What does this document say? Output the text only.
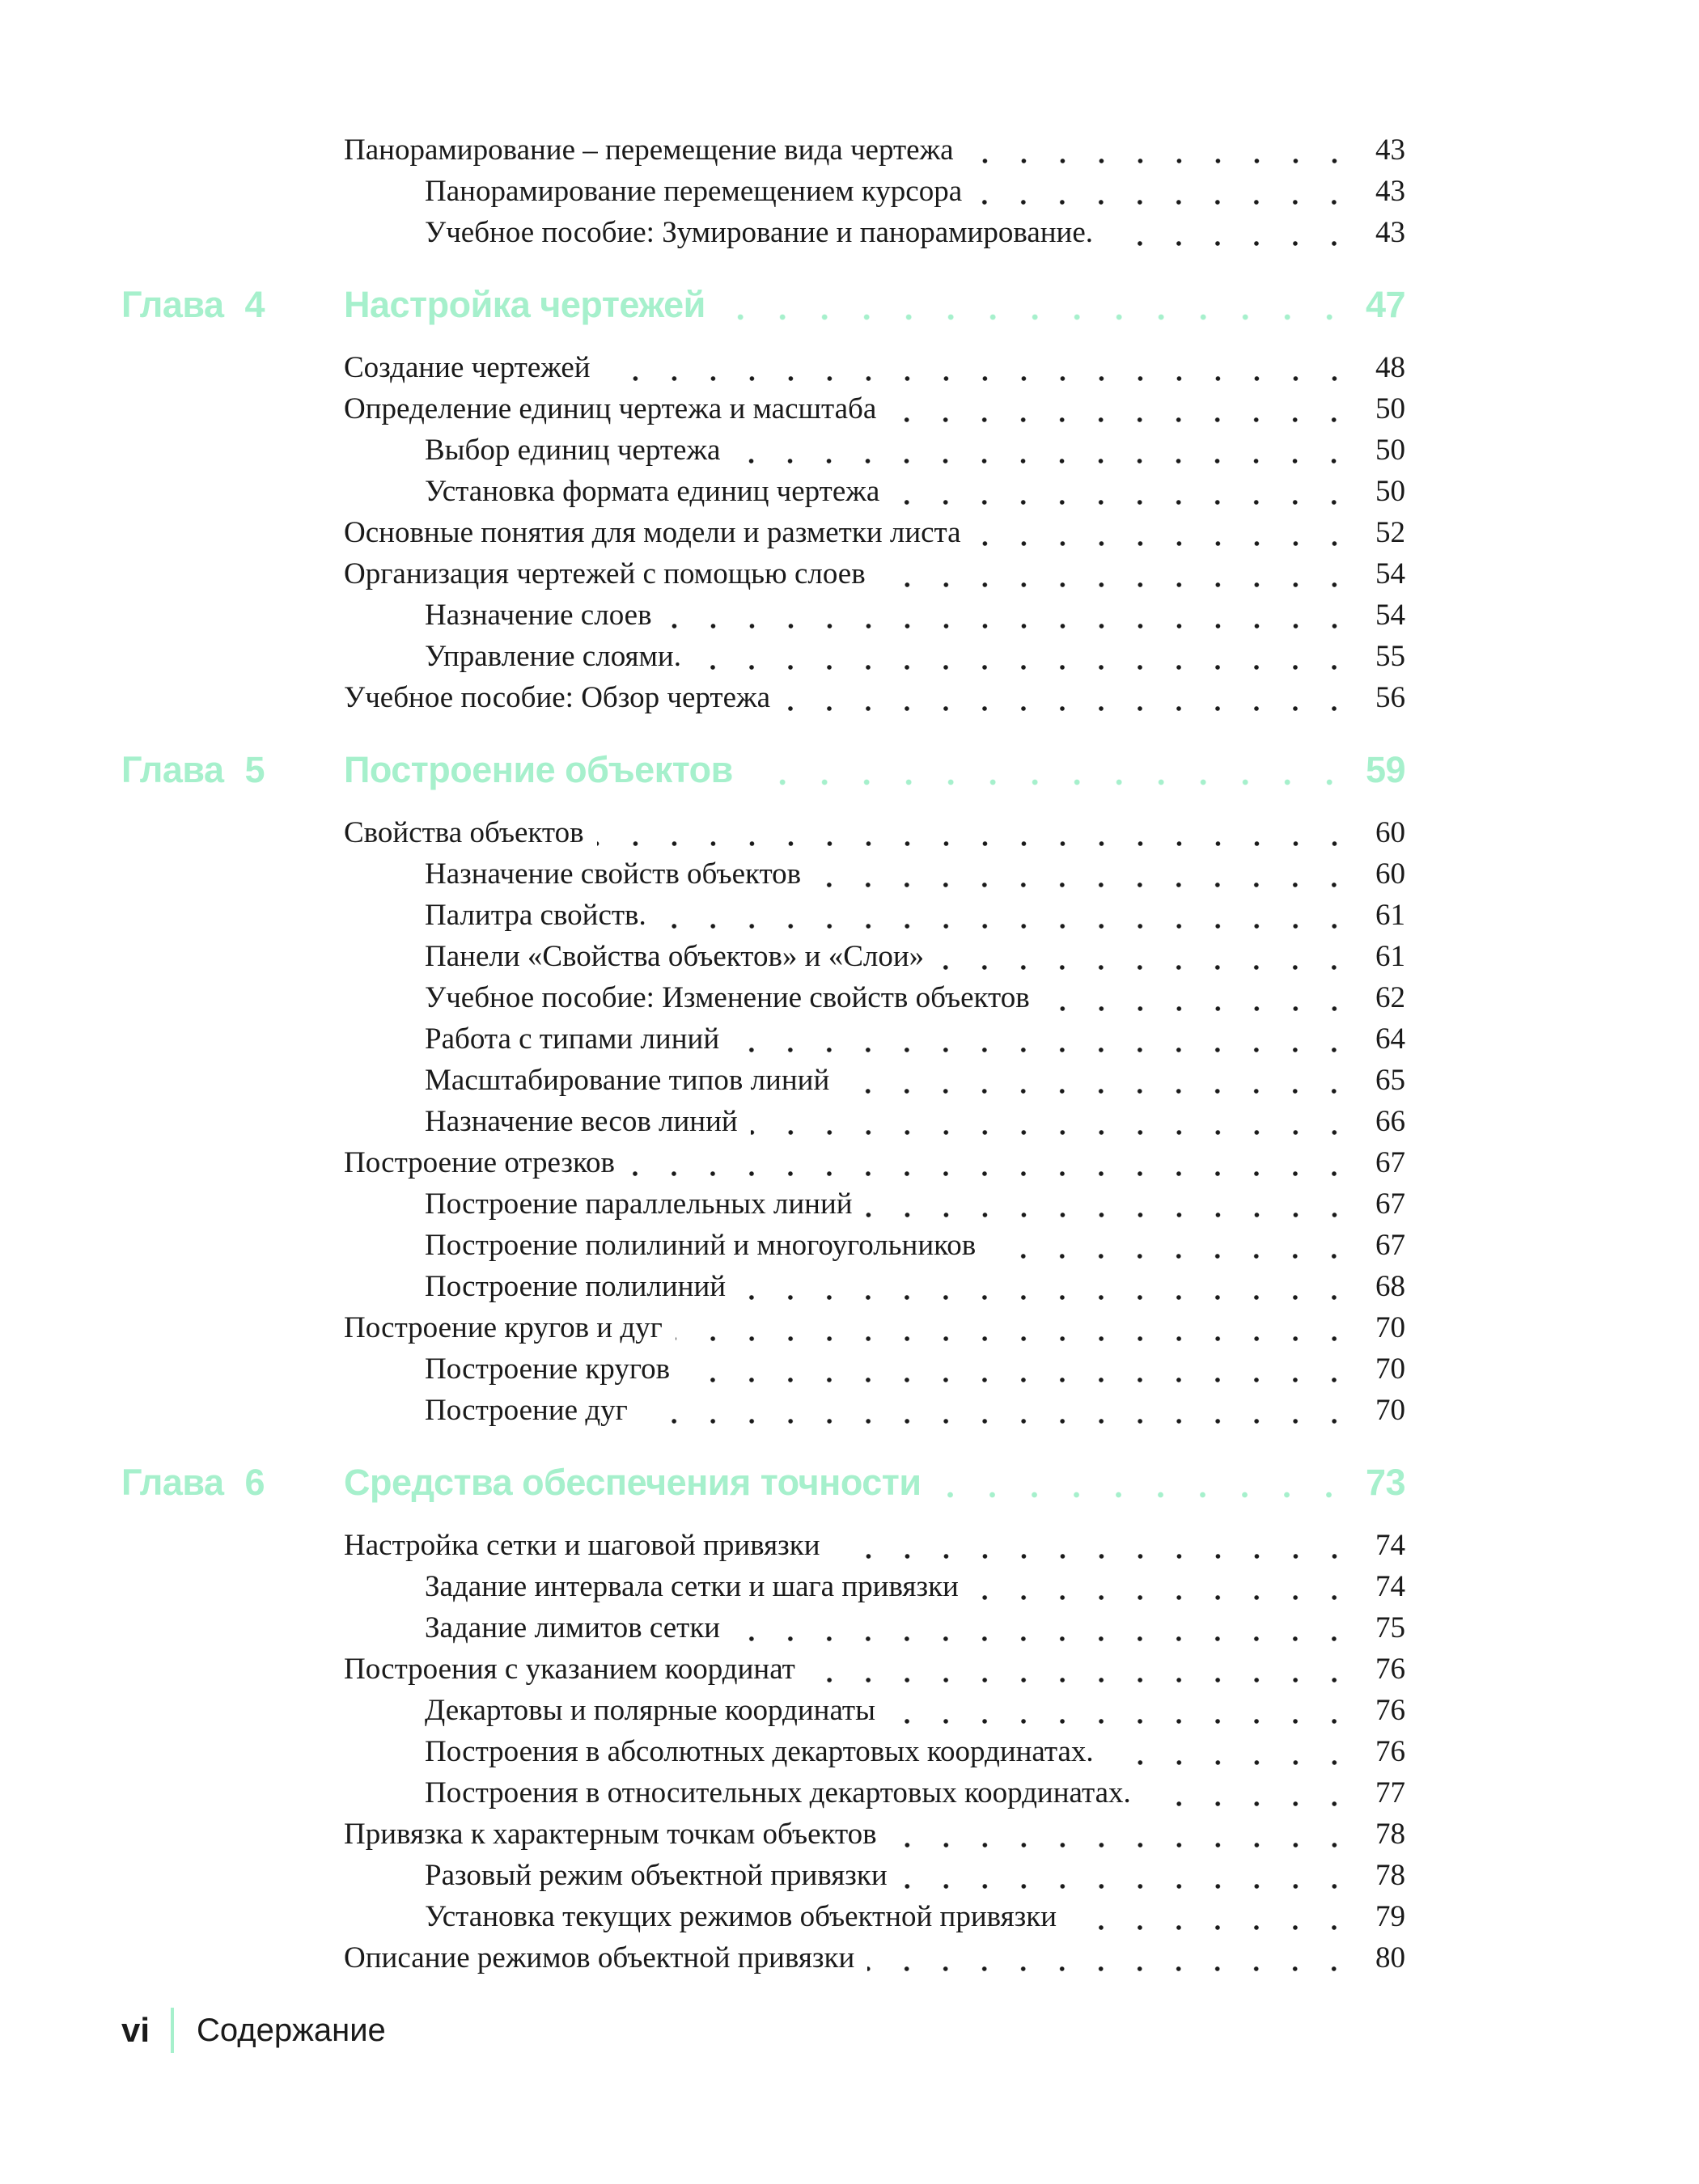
Панорамирование – перемещение вида чертежа	43
Панорамирование перемещением курсора	43
Учебное пособие: Зумирование и панорамирование.	43
Глава 4	Настройка чертежей	47
Создание чертежей	48
Определение единиц чертежа и масштаба	50
Выбор единиц чертежа	50
Установка формата единиц чертежа	50
Основные понятия для модели и разметки листа	52
Организация чертежей с помощью слоев	54
Назначение слоев	54
Управление слоями.	55
Учебное пособие: Обзор чертежа	56
Глава 5	Построение объектов	59
Свойства объектов	60
Назначение свойств объектов	60
Палитра свойств.	61
Панели «Свойства объектов» и «Слои»	61
Учебное пособие: Изменение свойств объектов	62
Работа с типами линий	64
Масштабирование типов линий	65
Назначение весов линий	66
Построение отрезков	67
Построение параллельных линий	67
Построение полилиний и многоугольников	67
Построение полилиний	68
Построение кругов и дуг	70
Построение кругов	70
Построение дуг	70
Глава 6	Средства обеспечения точности	73
Настройка сетки и шаговой привязки	74
Задание интервала сетки и шага привязки	74
Задание лимитов сетки	75
Построения с указанием координат	76
Декартовы и полярные координаты	76
Построения в абсолютных декартовых координатах.	76
Построения в относительных декартовых координатах.	77
Привязка к характерным точкам объектов	78
Разовый режим объектной привязки	78
Установка текущих режимов объектной привязки	79
Описание режимов объектной привязки	80
vi Содержание
